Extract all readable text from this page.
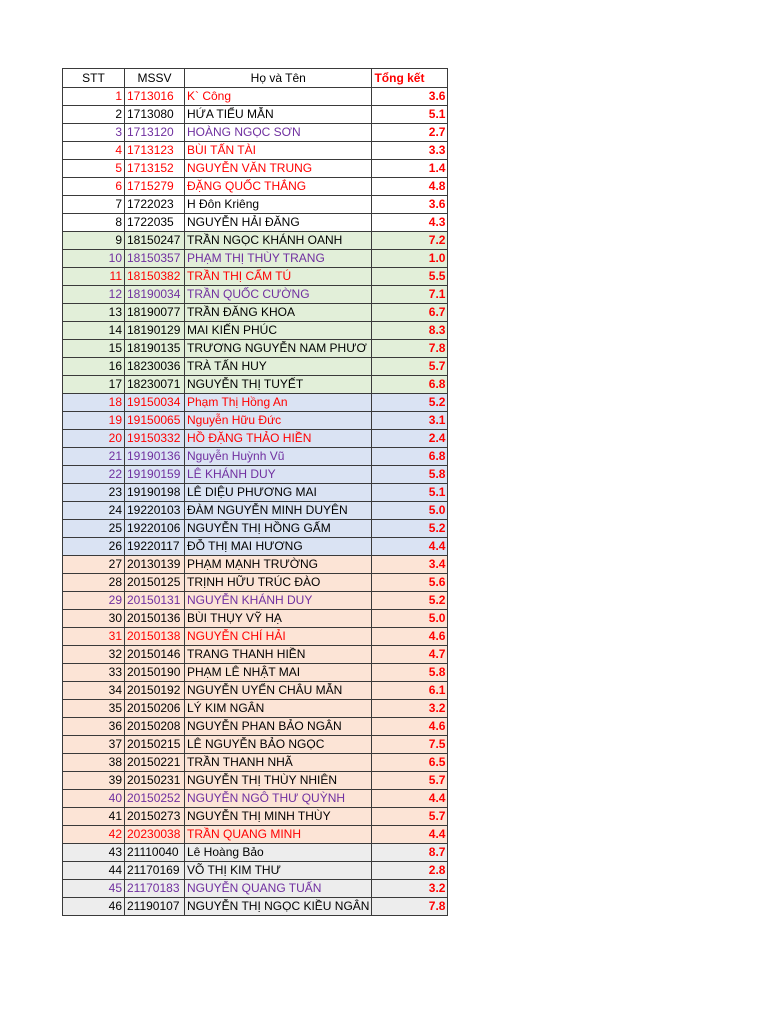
STT	MSSV	Họ và Tên	Tổng kết
1	1713016	K` Công	3.6
2	1713080	HỨA TIỂU MẪN	5.1
3	1713120	HOÀNG NGỌC SƠN	2.7
4	1713123	BÙI TẤN TÀI	3.3
5	1713152	NGUYỄN VĂN TRUNG	1.4
6	1715279	ĐẶNG QUỐC THẮNG	4.8
7	1722023	H Đôn Kriêng	3.6
8	1722035	NGUYỄN HẢI ĐĂNG	4.3
9	18150247	TRẦN NGỌC KHÁNH OANH	7.2
10	18150357	PHẠM THỊ THÙY TRANG	1.0
11	18150382	TRẦN THỊ CẨM TÚ	5.5
12	18190034	TRẦN QUỐC CƯỜNG	7.1
13	18190077	TRẦN ĐĂNG KHOA	6.7
14	18190129	MAI KIẾN PHÚC	8.3
15	18190135	TRƯƠNG NGUYỄN NAM PHƯƠ	7.8
16	18230036	TRÀ TẤN HUY	5.7
17	18230071	NGUYỄN THỊ TUYẾT	6.8
18	19150034	Phạm Thị Hồng An	5.2
19	19150065	Nguyễn Hữu Đức	3.1
20	19150332	HỒ ĐẶNG THẢO HIỀN	2.4
21	19190136	Nguyễn Huỳnh Vũ	6.8
22	19190159	LÊ KHÁNH DUY	5.8
23	19190198	LÊ DIỆU PHƯƠNG MAI	5.1
24	19220103	ĐÀM NGUYỄN MINH DUYÊN	5.0
25	19220106	NGUYỄN THỊ HỒNG GẤM	5.2
26	19220117	ĐỖ THỊ MAI HƯƠNG	4.4
27	20130139	PHẠM MẠNH TRƯỜNG	3.4
28	20150125	TRỊNH HỮU TRÚC ĐÀO	5.6
29	20150131	NGUYỄN KHÁNH DUY	5.2
30	20150136	BÙI THỤY VỸ HẠ	5.0
31	20150138	NGUYỄN CHÍ HẢI	4.6
32	20150146	TRANG THANH HIỀN	4.7
33	20150190	PHẠM LÊ NHẬT MAI	5.8
34	20150192	NGUYỄN UYỂN CHÂU MẪN	6.1
35	20150206	LÝ KIM NGÂN	3.2
36	20150208	NGUYỄN PHAN BẢO NGÂN	4.6
37	20150215	LÊ NGUYỄN BẢO NGỌC	7.5
38	20150221	TRẦN THANH NHÃ	6.5
39	20150231	NGUYỄN THỊ THÙY NHIÊN	5.7
40	20150252	NGUYỄN NGÔ THƯ QUỲNH	4.4
41	20150273	NGUYỄN THỊ MINH THÙY	5.7
42	20230038	TRẦN QUANG MINH	4.4
43	21110040	Lê Hoàng Bảo	8.7
44	21170169	VÕ THỊ KIM THƯ	2.8
45	21170183	NGUYỄN QUANG TUẤN	3.2
46	21190107	NGUYỄN THỊ NGỌC KIỀU NGÂN	7.8
